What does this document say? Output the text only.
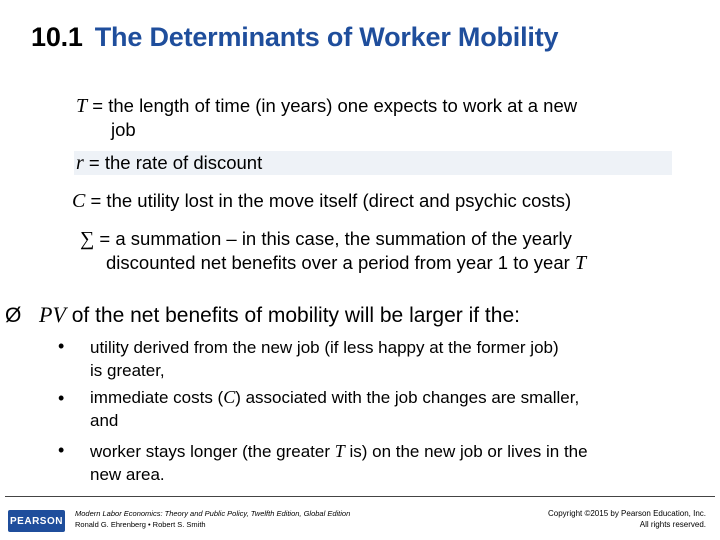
10.1 The Determinants of Worker Mobility
T = the length of time (in years) one expects to work at a new
job
r = the rate of discount
C = the utility lost in the move itself (direct and psychic costs)
∑ = a summation – in this case, the summation of the yearly
discounted net benefits over a period from year 1 to year T
Ø PV of the net benefits of mobility will be larger if the:
• utility derived from the new job (if less happy at the former job)
is greater,
• immediate costs (C) associated with the job changes are smaller,
and
• worker stays longer (the greater T is) on the new job or lives in the
new area.
PEARSON
Modern Labor Economics: Theory and Public Policy, Twelfth Edition, Global Edition
Ronald G. Ehrenberg • Robert S. Smith
Copyright ©2015 by Pearson Education, Inc.
All rights reserved.
